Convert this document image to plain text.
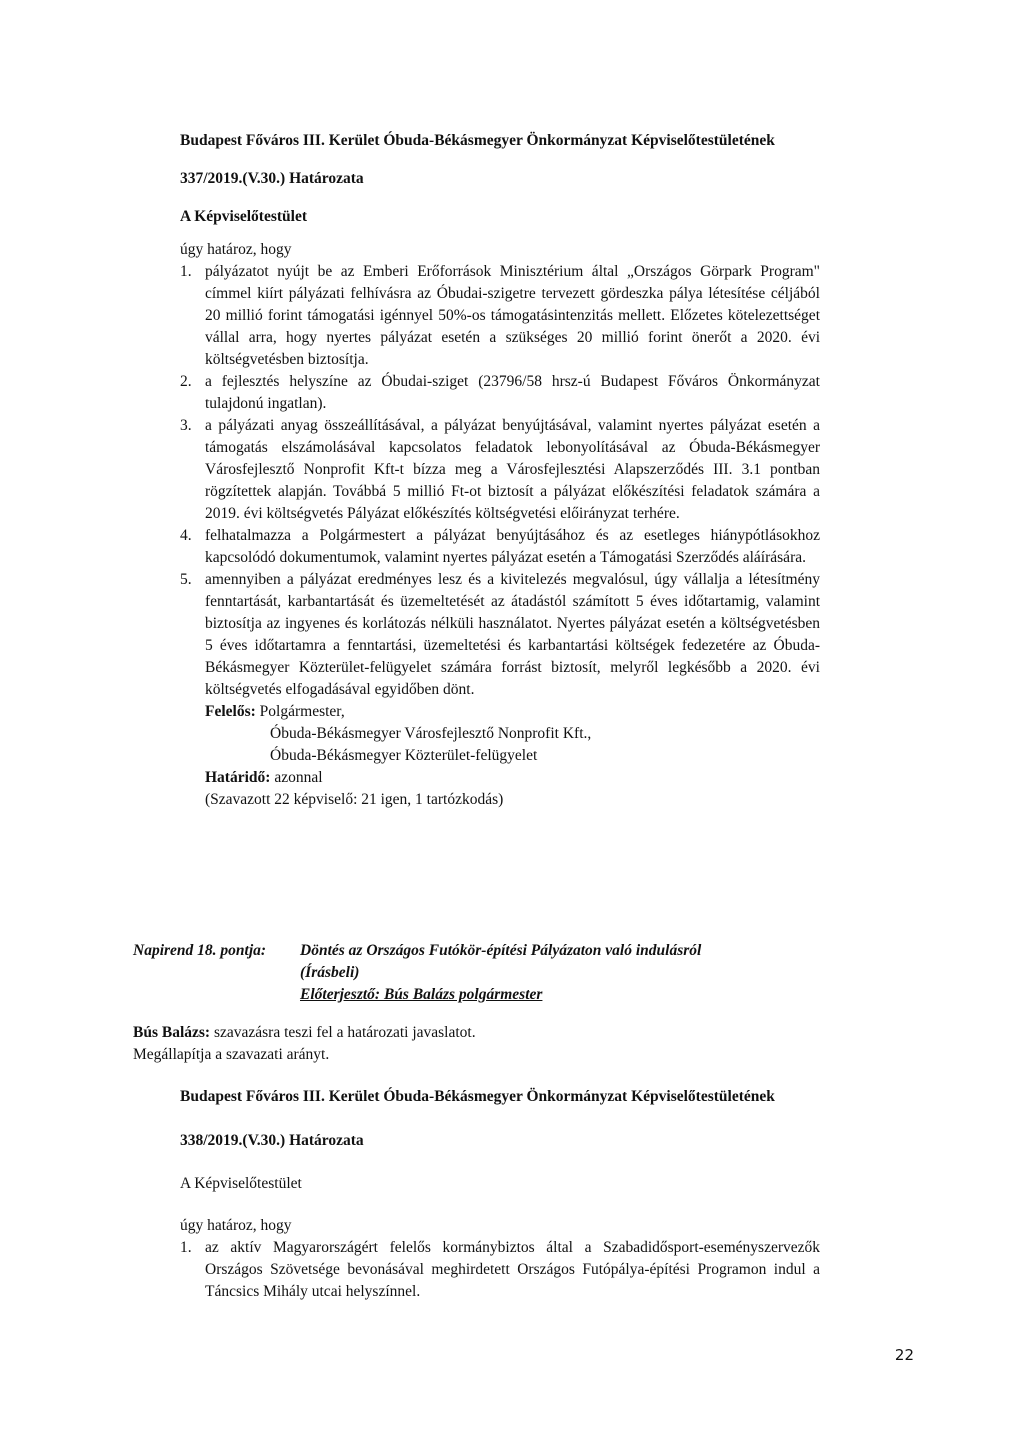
Budapest Főváros III. Kerület Óbuda-Békásmegyer Önkormányzat Képviselőtestületének
337/2019.(V.30.) Határozata
A Képviselőtestület
úgy határoz, hogy

1. pályázatot nyújt be az Emberi Erőforrások Minisztérium által „Országos Görpark Program" címmel kiírt pályázati felhívásra az Óbudai-szigetre tervezett gördeszka pálya létesítése céljából 20 millió forint támogatási igénnyel 50%-os támogatásintenzitás mellett. Előzetes kötelezettséget vállal arra, hogy nyertes pályázat esetén a szükséges 20 millió forint önerőt a 2020. évi költségvetésben biztosítja.

2. a fejlesztés helyszíne az Óbudai-sziget (23796/58 hrsz-ú Budapest Főváros Önkormányzat tulajdonú ingatlan).

3. a pályázati anyag összeállításával, a pályázat benyújtásával, valamint nyertes pályázat esetén a támogatás elszámolásával kapcsolatos feladatok lebonyolításával az Óbuda-Békásmegyer Városfejlesztő Nonprofit Kft-t bízza meg a Városfejlesztési Alapszerződés III. 3.1 pontban rögzítettek alapján. Továbbá 5 millió Ft-ot biztosít a pályázat előkészítési feladatok számára a 2019. évi költségvetés Pályázat előkészítés költségvetési előirányzat terhére.

4. felhatalmazza a Polgármestert a pályázat benyújtásához és az esetleges hiánypótlásokhoz kapcsolódó dokumentumok, valamint nyertes pályázat esetén a Támogatási Szerződés aláírására.

5. amennyiben a pályázat eredményes lesz és a kivitelezés megvalósul, úgy vállalja a létesítmény fenntartását, karbantartását és üzemeltetését az átadástól számított 5 éves időtartamig, valamint biztosítja az ingyenes és korlátozás nélküli használatot. Nyertes pályázat esetén a költségvetésben 5 éves időtartamra a fenntartási, üzemeltetési és karbantartási költségek fedezetére az Óbuda-Békásmegyer Közterület-felügyelet számára forrást biztosít, melyről legkésőbb a 2020. évi költségvetés elfogadásával egyidőben dönt.

Felelős: Polgármester,
Óbuda-Békásmegyer Városfejlesztő Nonprofit Kft.,
Óbuda-Békásmegyer Közterület-felügyelet
Határidő: azonnal
(Szavazott 22 képviselő: 21 igen, 1 tartózkodás)
Napirend 18. pontja:	Döntés az Országos Futókör-építési Pályázaton való indulásról
(Írásbeli)
Előterjesztő: Bús Balázs polgármester
Bús Balázs: szavazásra teszi fel a határozati javaslatot.
Megállapítja a szavazati arányt.
Budapest Főváros III. Kerület Óbuda-Békásmegyer Önkormányzat Képviselőtestületének
338/2019.(V.30.) Határozata
A Képviselőtestület
úgy határoz, hogy

1. az aktív Magyarországért felelős kormánybiztos által a Szabadidősport-eseményszervezők Országos Szövetsége bevonásával meghirdetett Országos Futópálya-építési Programon indul a Táncsics Mihály utcai helyszínnel.

22
